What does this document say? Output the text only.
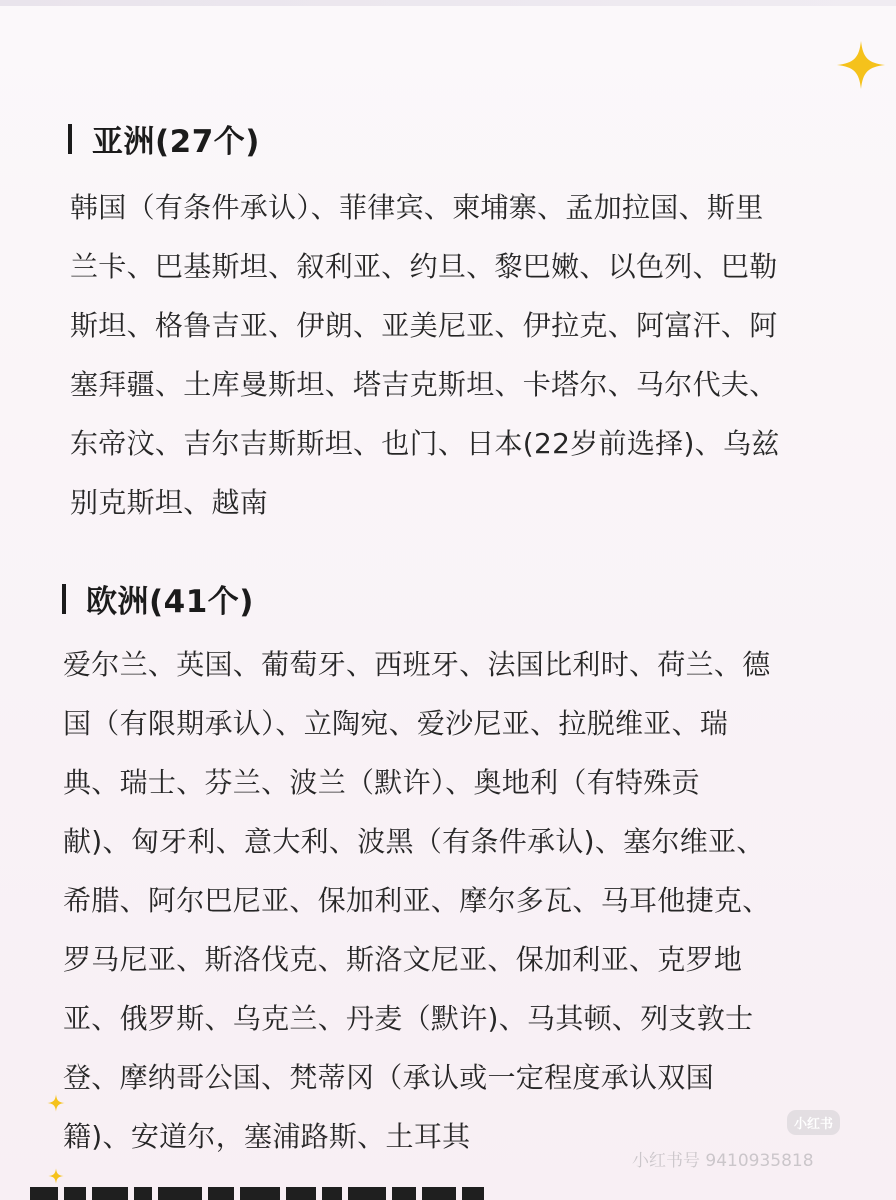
亚洲(27个)
韩国（有条件承认）、菲律宾、柬埔寨、孟加拉国、斯里
兰卡、巴基斯坦、叙利亚、约旦、黎巴嫩、以色列、巴勒
斯坦、格鲁吉亚、伊朗、亚美尼亚、伊拉克、阿富汗、阿
塞拜疆、土库曼斯坦、塔吉克斯坦、卡塔尔、马尔代夫、
东帝汶、吉尔吉斯斯坦、也门、日本(22岁前选择)、乌兹
别克斯坦、越南
欧洲(41个)
爱尔兰、英国、葡萄牙、西班牙、法国比利时、荷兰、德
国（有限期承认）、立陶宛、爱沙尼亚、拉脱维亚、瑞
典、瑞士、芬兰、波兰（默许）、奥地利（有特殊贡
献)、匈牙利、意大利、波黑（有条件承认)、塞尔维亚、
希腊、阿尔巴尼亚、保加利亚、摩尔多瓦、马耳他捷克、
罗马尼亚、斯洛伐克、斯洛文尼亚、保加利亚、克罗地
亚、俄罗斯、乌克兰、丹麦（默许)、马其顿、列支敦士
登、摩纳哥公国、梵蒂冈（承认或一定程度承认双国
籍)、安道尔，塞浦路斯、土耳其	小红书
小红书号 9410935818
